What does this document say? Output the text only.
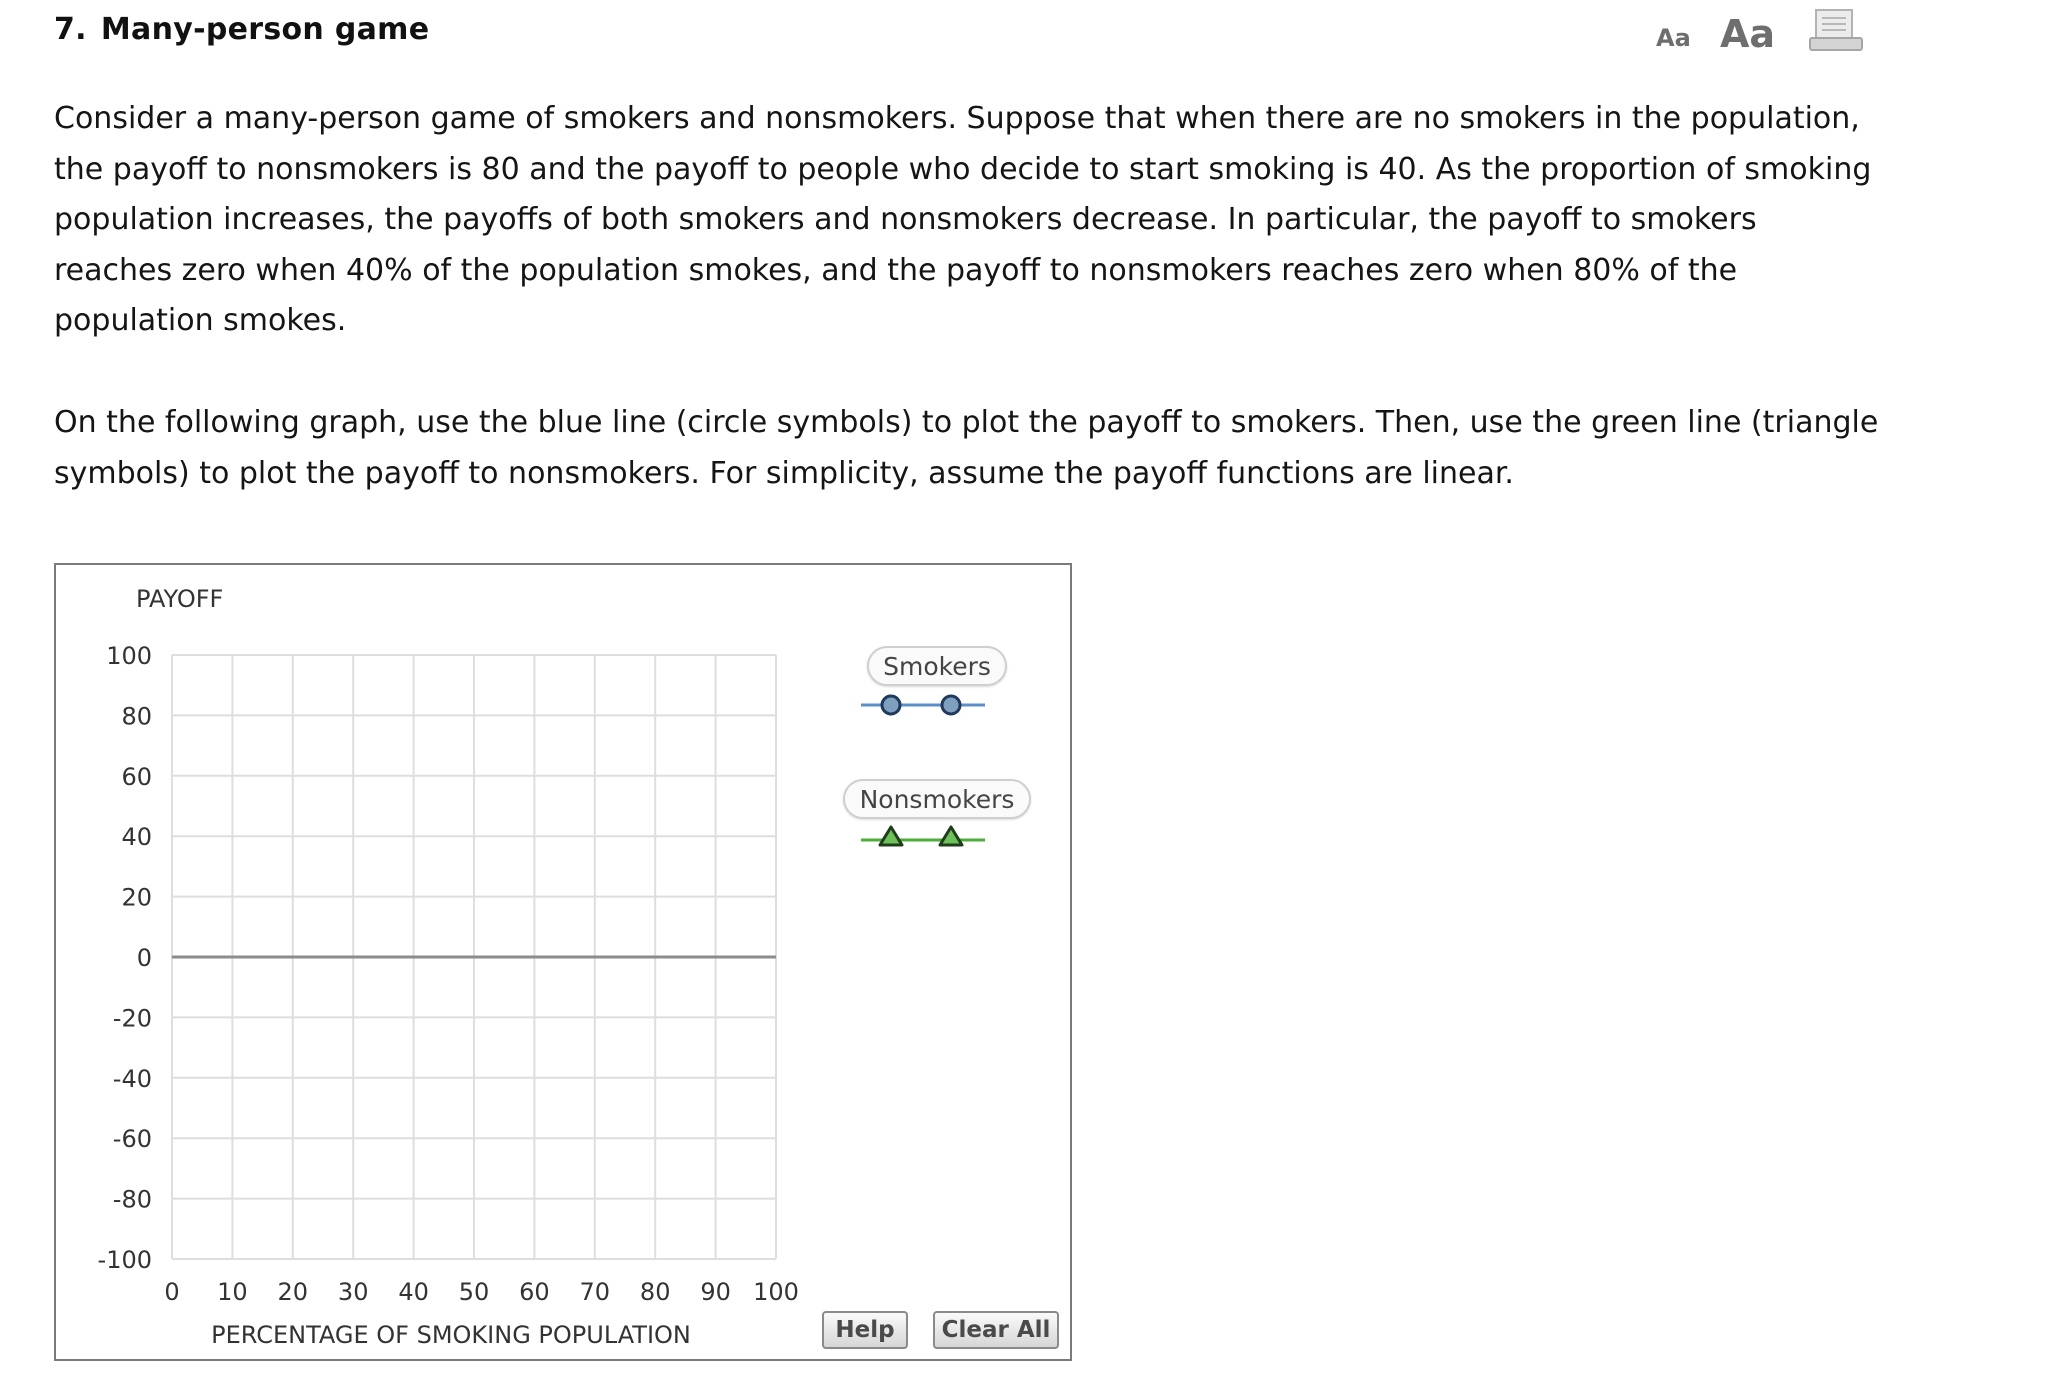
7. Many-person game	Aa Aa

Consider a many-person game of smokers and nonsmokers. Suppose that when there are no smokers in the population, the payoff to nonsmokers is 80 and the payoff to people who decide to start smoking is 40. As the proportion of smoking population increases, the payoffs of both smokers and nonsmokers decrease. In particular, the payoff to smokers reaches zero when 40% of the population smokes, and the payoff to nonsmokers reaches zero when 80% of the population smokes.

On the following graph, use the blue line (circle symbols) to plot the payoff to smokers. Then, use the green line (triangle symbols) to plot the payoff to nonsmokers. For simplicity, assume the payoff functions are linear.

100
80
60
40
20
0
-20
-40
-60
-80
-100
0 10 20 30 40 50 60 70 80 90 100
PAYOFF
PERCENTAGE OF SMOKING POPULATION
Smokers
Nonsmokers
Help	Clear All
